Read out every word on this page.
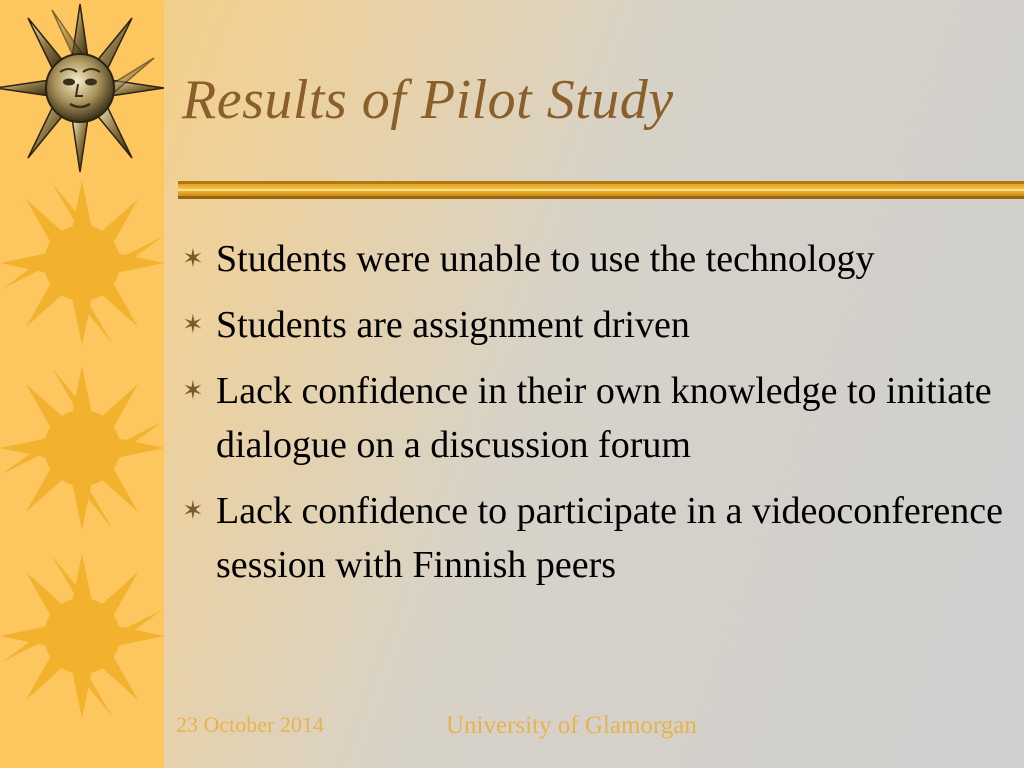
Results of Pilot Study
✶ Students were unable to use the technology
✶ Students are assignment driven
✶ Lack confidence in their own knowledge to initiate dialogue on a discussion forum
✶ Lack confidence to participate in a videoconference session with Finnish peers
23 October 2014	University of Glamorgan
